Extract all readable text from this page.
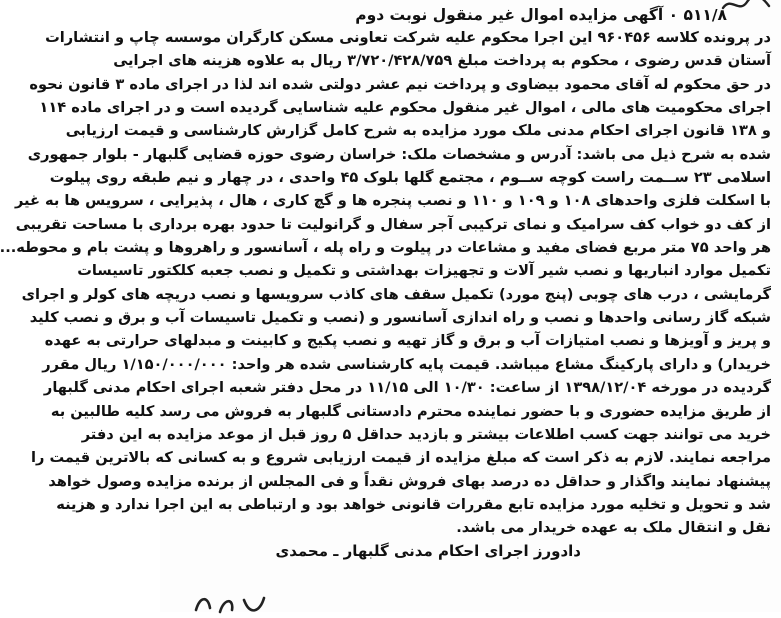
۵۱۱/۸ ۰ آگهی مزایده اموال غیر منقول نوبت دوم
در پرونده کلاسه ۹۶۰۴۵۶ این اجرا محکوم علیه شرکت تعاونی مسکن کارگران موسسه چاپ و انتشارات
آستان قدس رضوی ، محکوم به پرداخت مبلغ ۳/۷۲۰/۴۲۸/۷۵۹ ریال به علاوه هزینه های اجرایی
در حق محکوم له آقای محمود بیضاوی و پرداخت نیم عشر دولتی شده اند لذا در اجرای ماده ۳ قانون نحوه
اجرای محکومیت های مالی ، اموال غیر منقول محکوم علیه شناسایی گردیده است و در اجرای ماده ۱۱۴
و ۱۳۸ قانون اجرای احکام مدنی ملک مورد مزایده به شرح کامل گزارش کارشناسی و قیمت ارزیابی
شده به شرح ذیل می باشد: آدرس و مشخصات ملک: خراسان رضوی حوزه قضایی گلبهار - بلوار جمهوری
اسلامی ۲۳ ســمت راست کوچه ســوم ، مجتمع گلها بلوک ۴۵ واحدی ، در چهار و نیم طبقه روی پیلوت
با اسکلت فلزی واحدهای ۱۰۸ و ۱۰۹ و ۱۱۰ و نصب پنجره ها و گچ کاری ، هال ، پذیرایی ، سرویس ها به غیر
از کف دو خواب کف سرامیک و نمای ترکیبی آجر سفال و گرانولیت تا حدود بهره برداری با مساحت تقریبی
هر واحد ۷۵ متر مربع فضای مفید و مشاعات در پیلوت و راه پله ، آسانسور و راهروها و پشت بام و محوطه...
تکمیل موارد انباریها و نصب شیر آلات و تجهیزات بهداشتی و تکمیل و نصب جعبه کلکتور تاسیسات
گرمایشی ، درب های چوبی (پنج مورد) تکمیل سقف های کاذب سرویسها و نصب دریچه های کولر و اجرای
شبکه گاز رسانی واحدها و نصب و راه اندازی آسانسور و (نصب و تکمیل تاسیسات آب و برق و نصب کلید
و پریز و آویزها و نصب امتیازات آب و برق و گاز تهیه و نصب پکیج و کابینت و مبدلهای حرارتی به عهده
خریدار) و دارای پارکینگ مشاع میباشد. قیمت پایه کارشناسی شده هر واحد: ۱/۱۵۰/۰۰۰/۰۰۰ ریال مقرر
گردیده در مورخه ۱۳۹۸/۱۲/۰۴ از ساعت: ۱۰/۳۰ الی ۱۱/۱۵ در محل دفتر شعبه اجرای احکام مدنی گلبهار
از طریق مزایده حضوری و با حضور نماینده محترم دادستانی گلبهار به فروش می رسد کلیه طالبین به
خرید می توانند جهت کسب اطلاعات بیشتر و بازدید حداقل ۵ روز قبل از موعد مزایده به این دفتر
مراجعه نمایند. لازم به ذکر است که مبلغ مزایده از قیمت ارزیابی شروع و به کسانی که بالاترین قیمت را
پیشنهاد نمایند واگذار و حداقل ده درصد بهای فروش نقداً و فی المجلس از برنده مزایده وصول خواهد
شد و تحویل و تخلیه مورد مزایده تابع مقررات قانونی خواهد بود و ارتباطی به این اجرا ندارد و هزینه
نقل و انتقال ملک به عهده خریدار می باشد.
دادورز اجرای احکام مدنی گلبهار ـ محمدی
